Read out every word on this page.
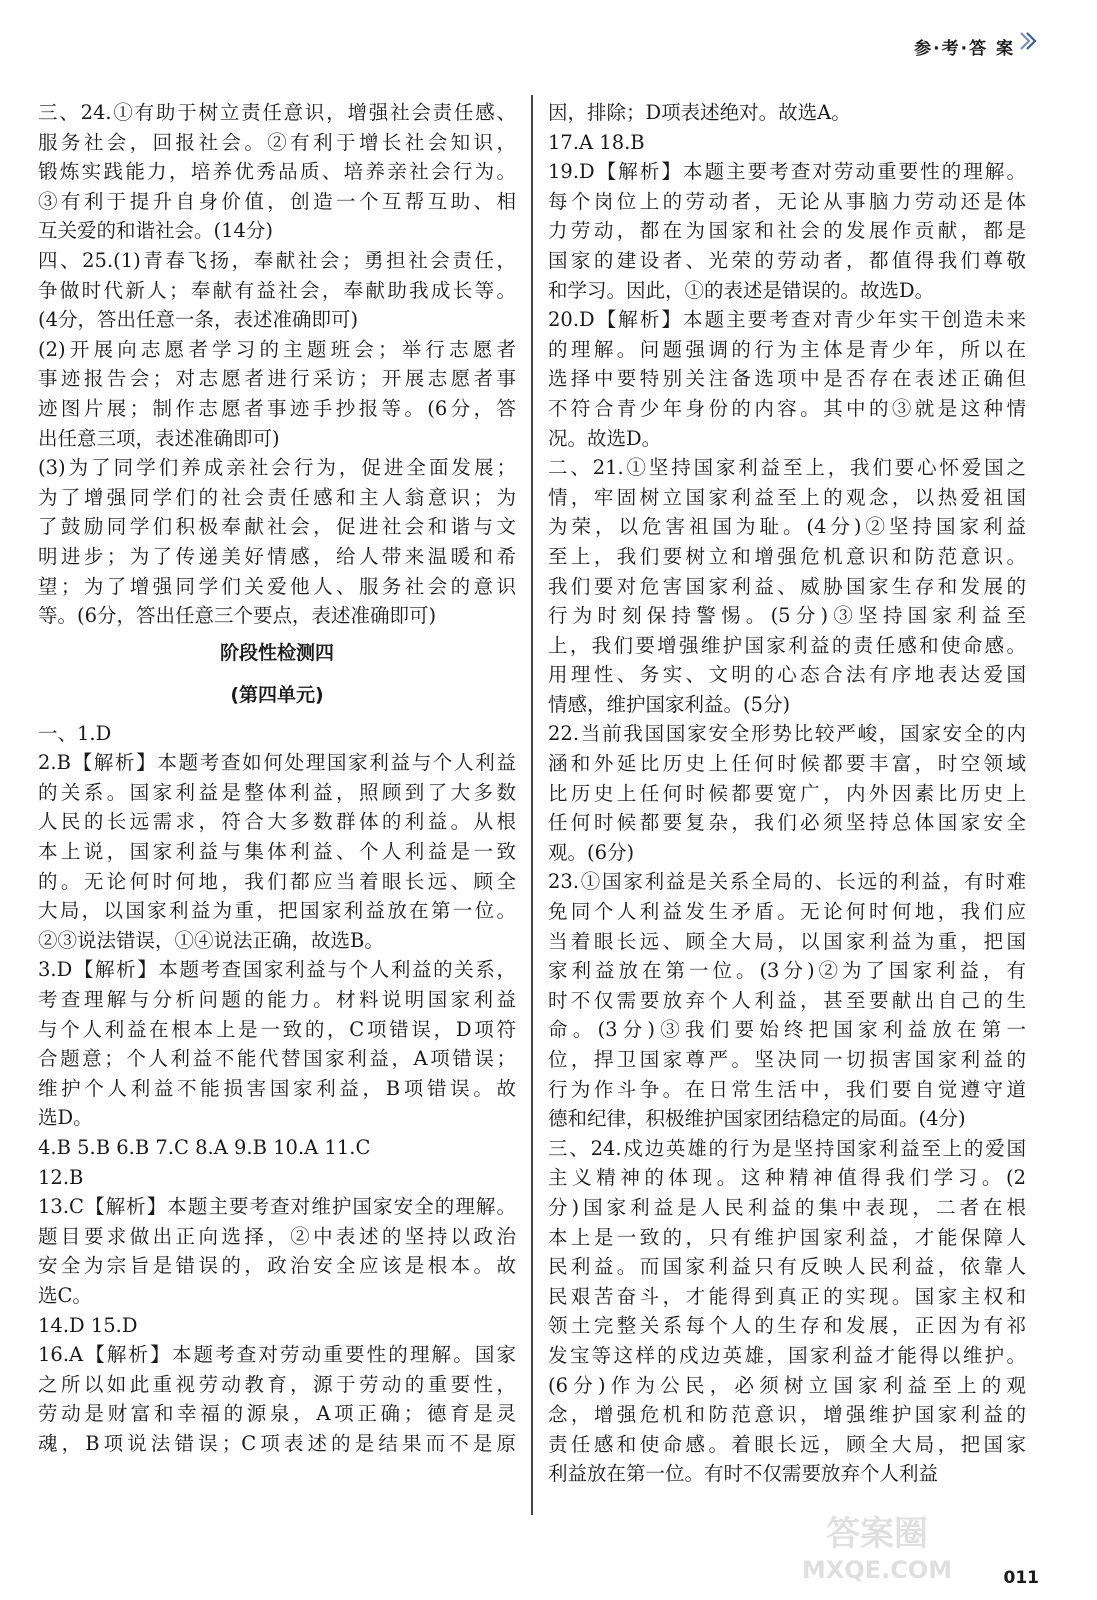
参·考·答 案
三、24.①有助于树立责任意识，增强社会责任感、
服务社会，回报社会。②有利于增长社会知识，
锻炼实践能力，培养优秀品质、培养亲社会行为。
③有利于提升自身价值，创造一个互帮互助、相
互关爱的和谐社会。(14分)
四、25.(1)青春飞扬，奉献社会；勇担社会责任，
争做时代新人；奉献有益社会，奉献助我成长等。
(4分，答出任意一条，表述准确即可)
(2)开展向志愿者学习的主题班会；举行志愿者
事迹报告会；对志愿者进行采访；开展志愿者事
迹图片展；制作志愿者事迹手抄报等。(6分，答
出任意三项，表述准确即可)
(3)为了同学们养成亲社会行为，促进全面发展；
为了增强同学们的社会责任感和主人翁意识；为
了鼓励同学们积极奉献社会，促进社会和谐与文
明进步；为了传递美好情感，给人带来温暖和希
望；为了增强同学们关爱他人、服务社会的意识
等。(6分，答出任意三个要点，表述准确即可)
阶段性检测四
(第四单元)
一、1.D
2.B【解析】本题考查如何处理国家利益与个人利益
的关系。国家利益是整体利益，照顾到了大多数
人民的长远需求，符合大多数群体的利益。从根
本上说，国家利益与集体利益、个人利益是一致
的。无论何时何地，我们都应当着眼长远、顾全
大局，以国家利益为重，把国家利益放在第一位。
②③说法错误，①④说法正确，故选B。
3.D【解析】本题考查国家利益与个人利益的关系，
考查理解与分析问题的能力。材料说明国家利益
与个人利益在根本上是一致的，C项错误，D项符
合题意；个人利益不能代替国家利益，A项错误；
维护个人利益不能损害国家利益，B项错误。故
选D。
4.B 5.B 6.B 7.C 8.A 9.B 10.A 11.C
12.B
13.C【解析】本题主要考查对维护国家安全的理解。
题目要求做出正向选择，②中表述的坚持以政治
安全为宗旨是错误的，政治安全应该是根本。故
选C。
14.D 15.D
16.A【解析】本题考查对劳动重要性的理解。国家
之所以如此重视劳动教育，源于劳动的重要性，
劳动是财富和幸福的源泉，A项正确；德育是灵
魂，B项说法错误；C项表述的是结果而不是原
因，排除；D项表述绝对。故选A。
17.A 18.B
19.D【解析】本题主要考查对劳动重要性的理解。
每个岗位上的劳动者，无论从事脑力劳动还是体
力劳动，都在为国家和社会的发展作贡献，都是
国家的建设者、光荣的劳动者，都值得我们尊敬
和学习。因此，①的表述是错误的。故选D。
20.D【解析】本题主要考查对青少年实干创造未来
的理解。问题强调的行为主体是青少年，所以在
选择中要特别关注备选项中是否存在表述正确但
不符合青少年身份的内容。其中的③就是这种情
况。故选D。
二、21.①坚持国家利益至上，我们要心怀爱国之
情，牢固树立国家利益至上的观念，以热爱祖国
为荣，以危害祖国为耻。(4分)②坚持国家利益
至上，我们要树立和增强危机意识和防范意识。
我们要对危害国家利益、威胁国家生存和发展的
行为时刻保持警惕。(5分)③坚持国家利益至
上，我们要增强维护国家利益的责任感和使命感。
用理性、务实、文明的心态合法有序地表达爱国
情感，维护国家利益。(5分)
22.当前我国国家安全形势比较严峻，国家安全的内
涵和外延比历史上任何时候都要丰富，时空领域
比历史上任何时候都要宽广，内外因素比历史上
任何时候都要复杂，我们必须坚持总体国家安全
观。(6分)
23.①国家利益是关系全局的、长远的利益，有时难
免同个人利益发生矛盾。无论何时何地，我们应
当着眼长远、顾全大局，以国家利益为重，把国
家利益放在第一位。(3分)②为了国家利益，有
时不仅需要放弃个人利益，甚至要献出自己的生
命。(3分)③我们要始终把国家利益放在第一
位，捍卫国家尊严。坚决同一切损害国家利益的
行为作斗争。在日常生活中，我们要自觉遵守道
德和纪律，积极维护国家团结稳定的局面。(4分)
三、24.戍边英雄的行为是坚持国家利益至上的爱国
主义精神的体现。这种精神值得我们学习。(2
分)国家利益是人民利益的集中表现，二者在根
本上是一致的，只有维护国家利益，才能保障人
民利益。而国家利益只有反映人民利益，依靠人
民艰苦奋斗，才能得到真正的实现。国家主权和
领土完整关系每个人的生存和发展，正因为有祁
发宝等这样的戍边英雄，国家利益才能得以维护。
(6分)作为公民，必须树立国家利益至上的观
念，增强危机和防范意识，增强维护国家利益的
责任感和使命感。着眼长远，顾全大局，把国家
利益放在第一位。有时不仅需要放弃个人利益
答案圈
MXQE.COM	011
